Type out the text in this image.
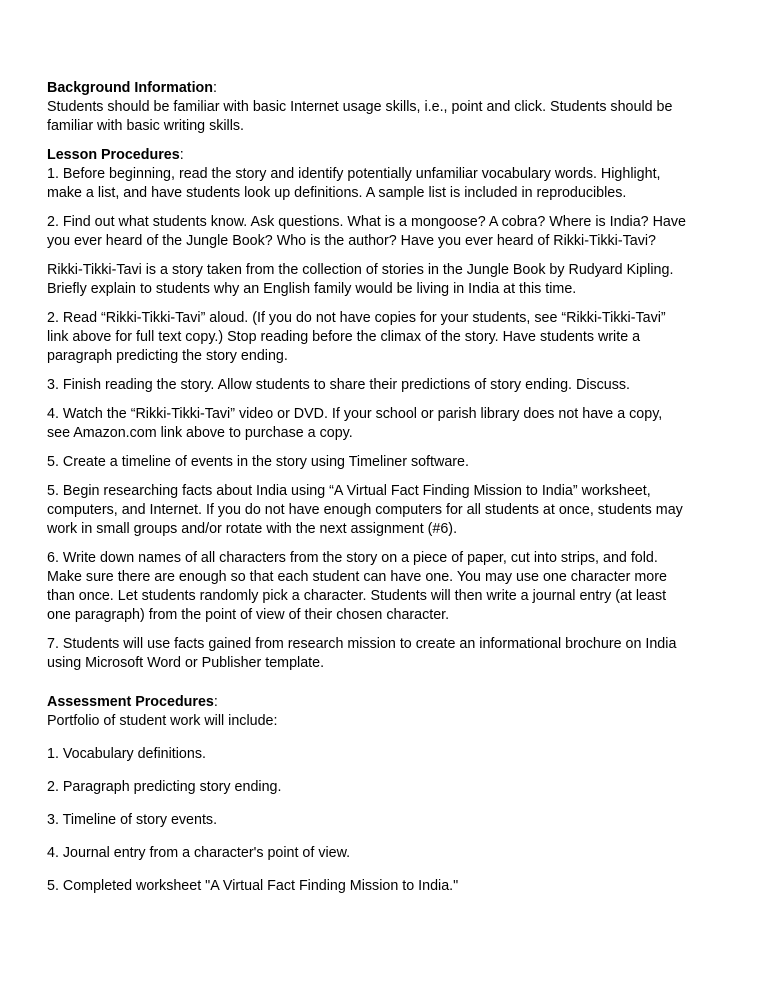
Background Information:
Students should be familiar with basic Internet usage skills, i.e., point and click. Students should be
familiar with basic writing skills.
Lesson Procedures:
1. Before beginning, read the story and identify potentially unfamiliar vocabulary words. Highlight,
make a list, and have students look up definitions. A sample list is included in reproducibles.
2. Find out what students know. Ask questions. What is a mongoose? A cobra? Where is India? Have
you ever heard of the Jungle Book? Who is the author? Have you ever heard of Rikki-Tikki-Tavi?
Rikki-Tikki-Tavi is a story taken from the collection of stories in the Jungle Book by Rudyard Kipling.
Briefly explain to students why an English family would be living in India at this time.
2. Read “Rikki-Tikki-Tavi” aloud. (If you do not have copies for your students, see “Rikki-Tikki-Tavi”
link above for full text copy.) Stop reading before the climax of the story. Have students write a
paragraph predicting the story ending.
3. Finish reading the story. Allow students to share their predictions of story ending. Discuss.
4. Watch the “Rikki-Tikki-Tavi” video or DVD. If your school or parish library does not have a copy,
see Amazon.com link above to purchase a copy.
5. Create a timeline of events in the story using Timeliner software.
5. Begin researching facts about India using “A Virtual Fact Finding Mission to India” worksheet,
computers, and Internet. If you do not have enough computers for all students at once, students may
work in small groups and/or rotate with the next assignment (#6).
6. Write down names of all characters from the story on a piece of paper, cut into strips, and fold.
Make sure there are enough so that each student can have one. You may use one character more
than once. Let students randomly pick a character. Students will then write a journal entry (at least
one paragraph) from the point of view of their chosen character.
7. Students will use facts gained from research mission to create an informational brochure on India
using Microsoft Word or Publisher template.
Assessment Procedures:
Portfolio of student work will include:
1. Vocabulary definitions.
2. Paragraph predicting story ending.
3. Timeline of story events.
4. Journal entry from a character's point of view.
5. Completed worksheet "A Virtual Fact Finding Mission to India."
